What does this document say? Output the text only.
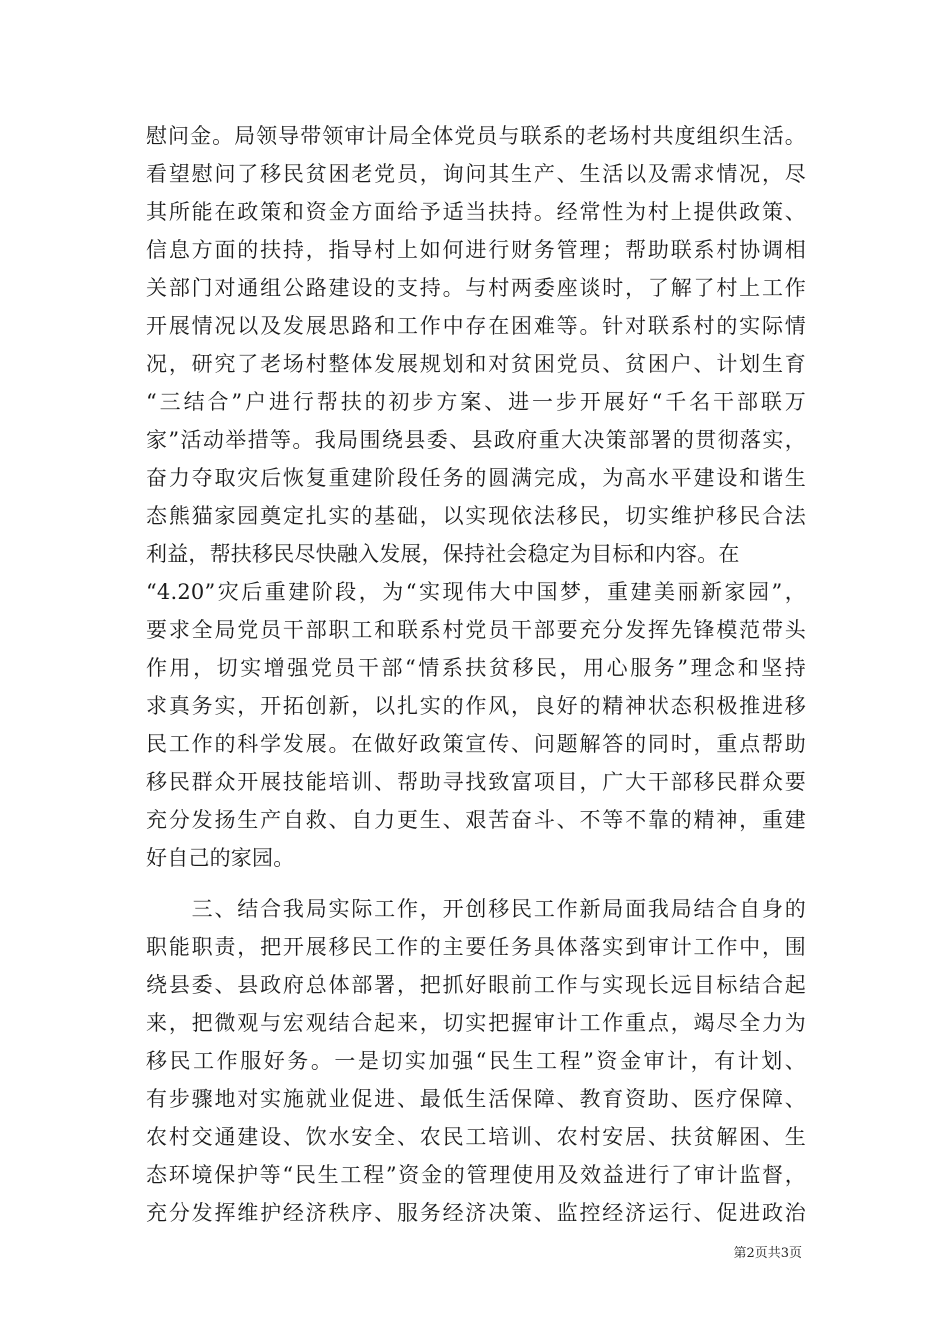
慰问金。局领导带领审计局全体党员与联系的老场村共度组织生活。
看望慰问了移民贫困老党员，询问其生产、生活以及需求情况，尽
其所能在政策和资金方面给予适当扶持。经常性为村上提供政策、
信息方面的扶持，指导村上如何进行财务管理；帮助联系村协调相
关部门对通组公路建设的支持。与村两委座谈时，了解了村上工作
开展情况以及发展思路和工作中存在困难等。针对联系村的实际情
况，研究了老场村整体发展规划和对贫困党员、贫困户、计划生育
“三结合”户进行帮扶的初步方案、进一步开展好“千名干部联万
家”活动举措等。我局围绕县委、县政府重大决策部署的贯彻落实，
奋力夺取灾后恢复重建阶段任务的圆满完成，为高水平建设和谐生
态熊猫家园奠定扎实的基础，以实现依法移民，切实维护移民合法
利益，帮扶移民尽快融入发展，保持社会稳定为目标和内容。在
“4.20”灾后重建阶段，为“实现伟大中国梦，重建美丽新家园”，
要求全局党员干部职工和联系村党员干部要充分发挥先锋模范带头
作用，切实增强党员干部“情系扶贫移民，用心服务”理念和坚持
求真务实，开拓创新，以扎实的作风，良好的精神状态积极推进移
民工作的科学发展。在做好政策宣传、问题解答的同时，重点帮助
移民群众开展技能培训、帮助寻找致富项目，广大干部移民群众要
充分发扬生产自救、自力更生、艰苦奋斗、不等不靠的精神，重建
好自己的家园。
　　三、结合我局实际工作，开创移民工作新局面我局结合自身的
职能职责，把开展移民工作的主要任务具体落实到审计工作中，围
绕县委、县政府总体部署，把抓好眼前工作与实现长远目标结合起
来，把微观与宏观结合起来，切实把握审计工作重点，竭尽全力为
移民工作服好务。一是切实加强“民生工程”资金审计，有计划、
有步骤地对实施就业促进、最低生活保障、教育资助、医疗保障、
农村交通建设、饮水安全、农民工培训、农村安居、扶贫解困、生
态环境保护等“民生工程”资金的管理使用及效益进行了审计监督，
充分发挥维护经济秩序、服务经济决策、监控经济运行、促进政治
第2页共3页
